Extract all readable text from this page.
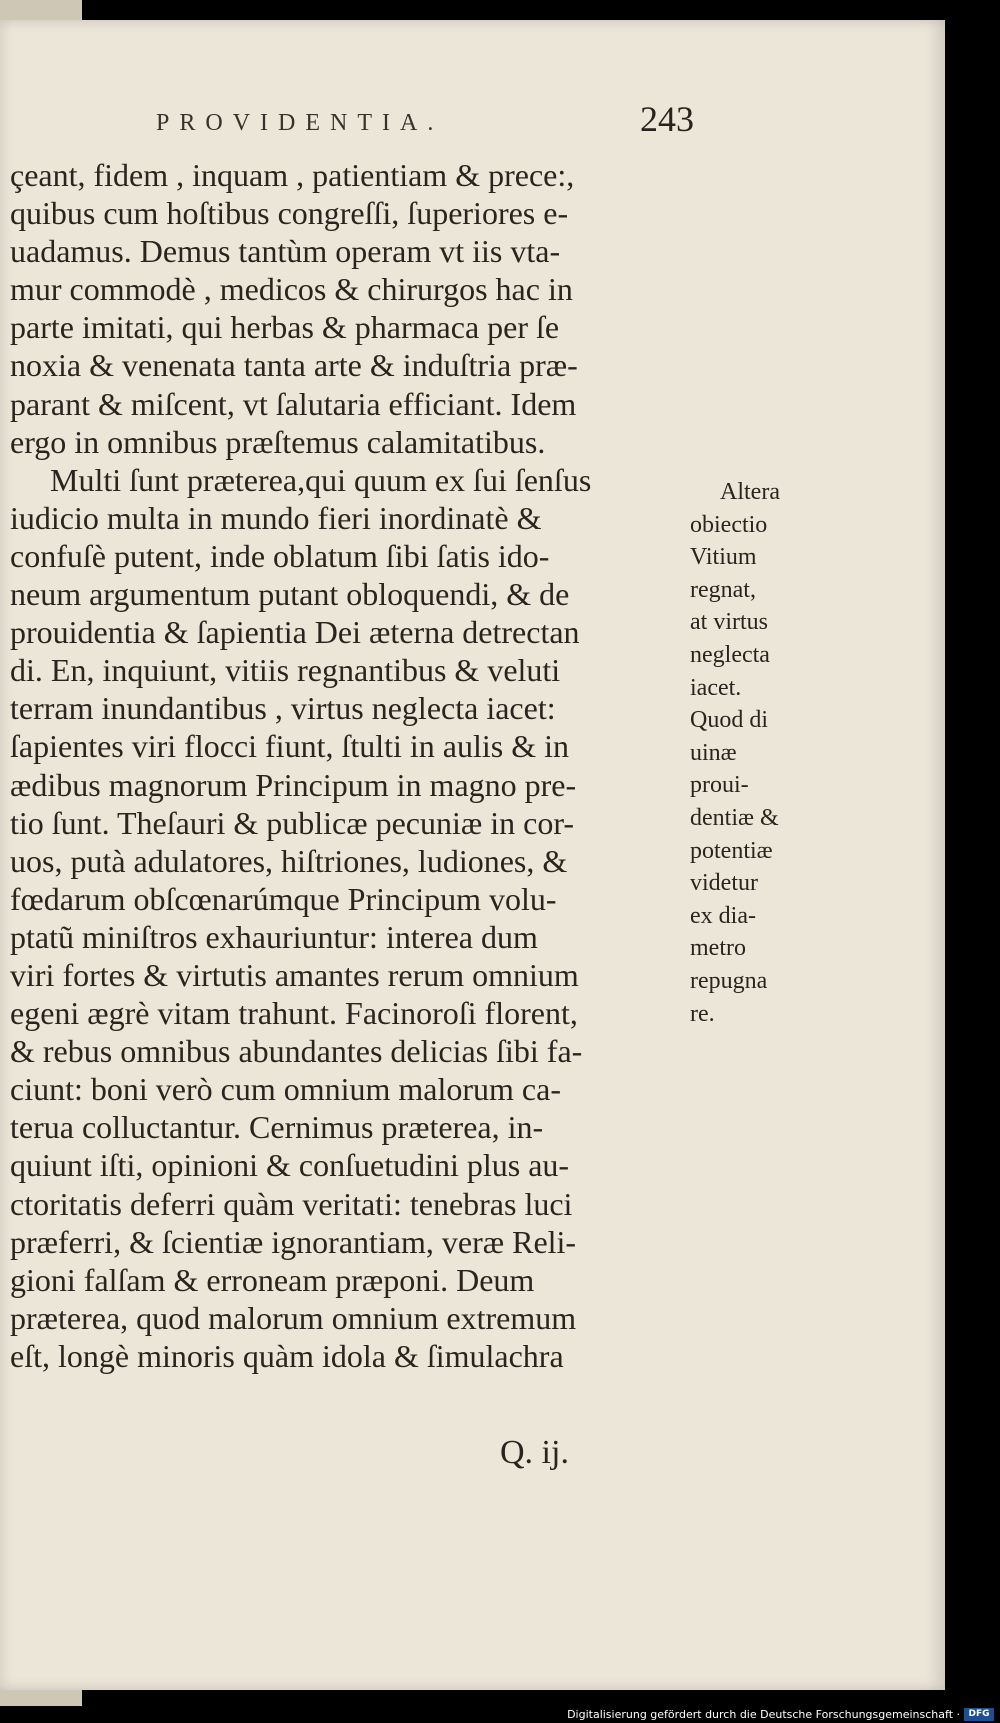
PROVIDENTIA.	243
çeant, fidem , inquam , patientiam & prece:,
quibus cum hoſtibus congreſſi, ſuperiores e-
uadamus. Demus tantùm operam vt iis vta-
mur commodè , medicos & chirurgos hac in
parte imitati, qui herbas & pharmaca per ſe
noxia & venenata tanta arte & induſtria præ-
parant & miſcent, vt ſalutaria efficiant. Idem
ergo in omnibus præſtemus calamitatibus.
Multi ſunt præterea,qui quum ex ſui ſenſus
iudicio multa in mundo fieri inordinatè &
confuſè putent, inde oblatum ſibi ſatis ido-
neum argumentum putant obloquendi, & de
prouidentia & ſapientia Dei æterna detrectan
di. En, inquiunt, vitiis regnantibus & veluti
terram inundantibus , virtus neglecta iacet:
ſapientes viri flocci fiunt, ſtulti in aulis & in
ædibus magnorum Principum in magno pre-
tio ſunt. Theſauri & publicæ pecuniæ in cor-
uos, putà adulatores, hiſtriones, ludiones, &
fœdarum obſcœnarúmque Principum volu-
ptatũ miniſtros exhauriuntur: interea dum
viri fortes & virtutis amantes rerum omnium
egeni ægrè vitam trahunt. Facinoroſi florent,
& rebus omnibus abundantes delicias ſibi fa-
ciunt: boni verò cum omnium malorum ca-
terua colluctantur. Cernimus præterea, in-
quiunt iſti, opinioni & conſuetudini plus au-
ctoritatis deferri quàm veritati: tenebras luci
præferri, & ſcientiæ ignorantiam, veræ Reli-
gioni falſam & erroneam præponi. Deum
præterea, quod malorum omnium extremum
eſt, longè minoris quàm idola & ſimulachra
Altera
obiectio
Vitium
regnat,
at virtus
neglecta
iacet.
Quod di
uinæ
proui-
dentiæ &
potentiæ
videtur
ex dia-
metro
repugna
re.
Q. ij.
Digitalisierung gefördert durch die Deutsche Forschungsgemeinschaft · DFG
